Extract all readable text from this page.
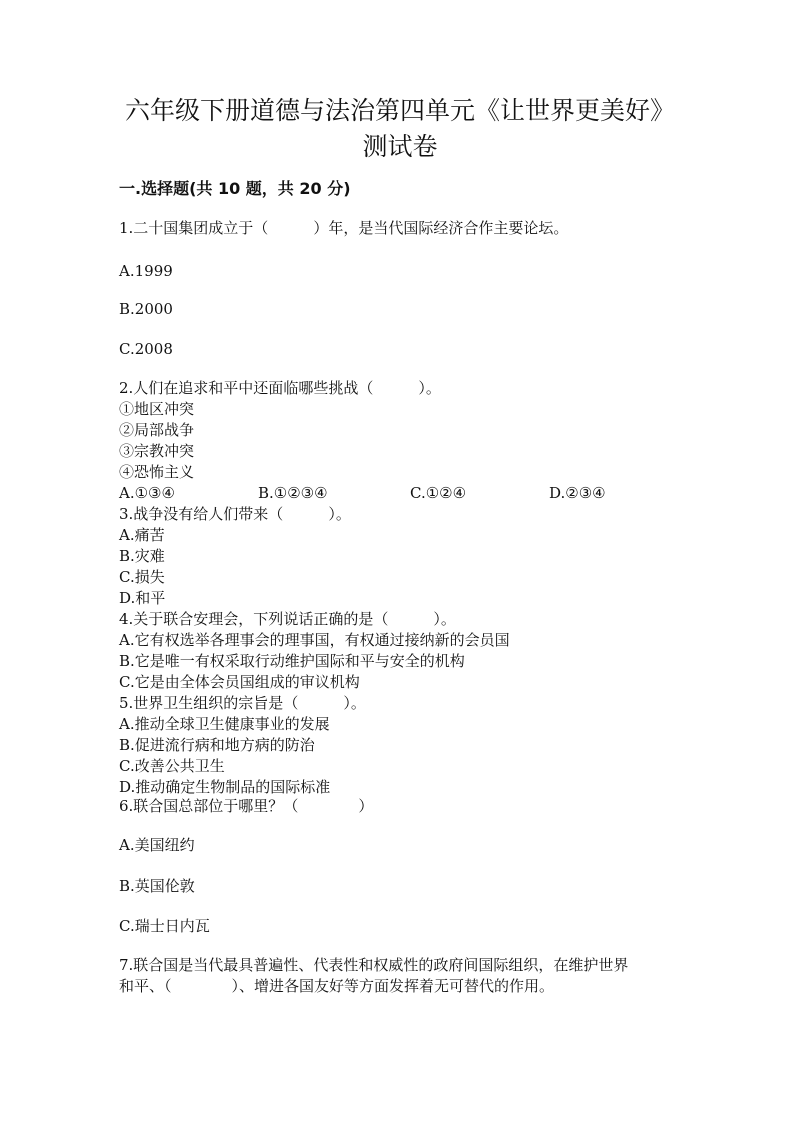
六年级下册道德与法治第四单元《让世界更美好》
测试卷
一.选择题(共 10 题，共 20 分)
1.二十国集团成立于（　　　）年，是当代国际经济合作主要论坛。
A.1999
B.2000
C.2008
2.人们在追求和平中还面临哪些挑战（　　　）。
①地区冲突
②局部战争
③宗教冲突
④恐怖主义
A.①③④	B.①②③④	C.①②④	D.②③④
3.战争没有给人们带来（　　　）。
A.痛苦
B.灾难
C.损失
D.和平
4.关于联合安理会，下列说话正确的是（　　　）。
A.它有权选举各理事会的理事国，有权通过接纳新的会员国
B.它是唯一有权采取行动维护国际和平与安全的机构
C.它是由全体会员国组成的审议机构
5.世界卫生组织的宗旨是（　　　）。
A.推动全球卫生健康事业的发展
B.促进流行病和地方病的防治
C.改善公共卫生
D.推动确定生物制品的国际标准
6.联合国总部位于哪里？（　　　　）
A.美国纽约
B.英国伦敦
C.瑞士日内瓦
7.联合国是当代最具普遍性、代表性和权威性的政府间国际组织，在维护世界
和平、（　　　　）、增进各国友好等方面发挥着无可替代的作用。
